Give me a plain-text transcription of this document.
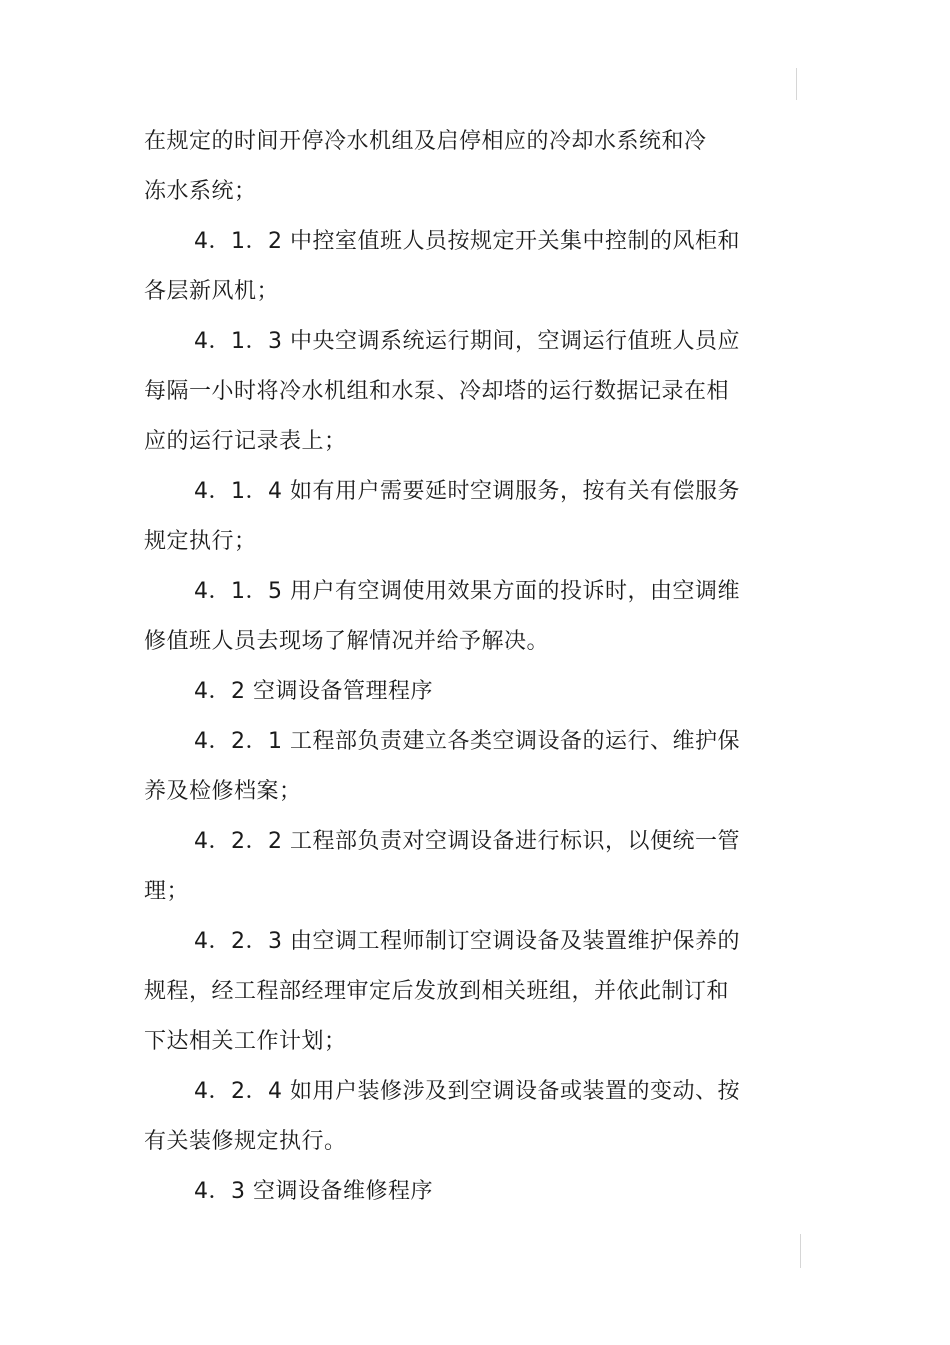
在规定的时间开停冷水机组及启停相应的冷却水系统和冷
冻水系统；
4．1．2 中控室值班人员按规定开关集中控制的风柜和
各层新风机；
4．1．3 中央空调系统运行期间，空调运行值班人员应
每隔一小时将冷水机组和水泵、冷却塔的运行数据记录在相
应的运行记录表上；
4．1．4 如有用户需要延时空调服务，按有关有偿服务
规定执行；
4．1．5 用户有空调使用效果方面的投诉时，由空调维
修值班人员去现场了解情况并给予解决。
4．2 空调设备管理程序
4．2．1 工程部负责建立各类空调设备的运行、维护保
养及检修档案；
4．2．2 工程部负责对空调设备进行标识，以便统一管
理；
4．2．3 由空调工程师制订空调设备及装置维护保养的
规程，经工程部经理审定后发放到相关班组，并依此制订和
下达相关工作计划；
4．2．4 如用户装修涉及到空调设备或装置的变动、按
有关装修规定执行。
4．3 空调设备维修程序
